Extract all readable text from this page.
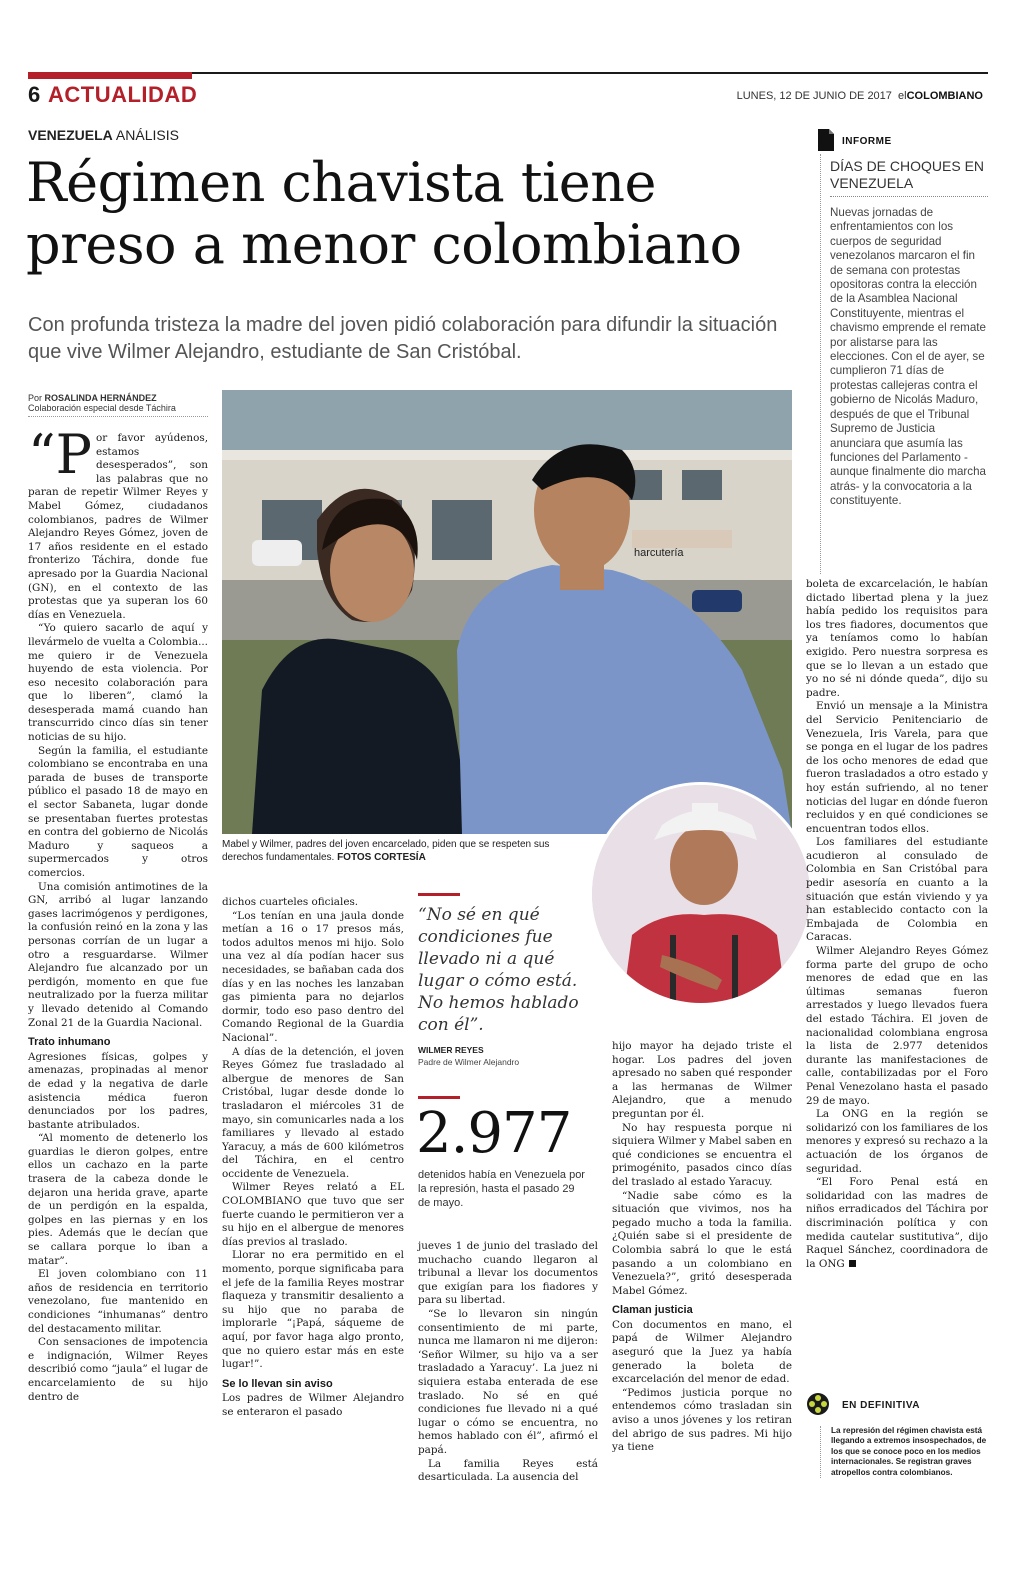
6 ACTUALIDAD	LUNES, 12 DE JUNIO DE 2017 elCOLOMBIANO
VENEZUELA ANÁLISIS
Régimen chavista tiene
preso a menor colombiano
Con profunda tristeza la madre del joven pidió colaboración para difundir la situación que vive Wilmer Alejandro, estudiante de San Cristóbal.
Por ROSALINDA HERNÁNDEZ
Colaboración especial desde Táchira

“P or favor ayúdenos, estamos desesperados”, son las palabras que no paran de repetir Wilmer Reyes y Mabel Gómez, ciudadanos colombianos, padres de Wilmer Alejandro Reyes Gómez, joven de 17 años residente en el estado fronterizo Táchira, donde fue apresado por la Guardia Nacional (GN), en el contexto de las protestas que ya superan los 60 días en Venezuela.

“Yo quiero sacarlo de aquí y llevármelo de vuelta a Colombia... me quiero ir de Venezuela huyendo de esta violencia. Por eso necesito colaboración para que lo liberen”, clamó la desesperada mamá cuando han transcurrido cinco días sin tener noticias de su hijo.

Según la familia, el estudiante colombiano se encontraba en una parada de buses de transporte público el pasado 18 de mayo en el sector Sabaneta, lugar donde se presentaban fuertes protestas en contra del gobierno de Nicolás Maduro y saqueos a supermercados y otros comercios.

Una comisión antimotines de la GN, arribó al lugar lanzando gases lacrimógenos y perdigones, la confusión reinó en la zona y las personas corrían de un lugar a otro a resguardarse. Wilmer Alejandro fue alcanzado por un perdigón, momento en que fue neutralizado por la fuerza militar y llevado detenido al Comando Zonal 21 de la Guardia Nacional.

Trato inhumano

Agresiones físicas, golpes y amenazas, propinadas al menor de edad y la negativa de darle asistencia médica fueron denunciados por los padres, bastante atribulados.

“Al momento de detenerlo los guardias le dieron golpes, entre ellos un cachazo en la parte trasera de la cabeza donde le dejaron una herida grave, aparte de un perdigón en la espalda, golpes en las piernas y en los pies. Además que le decían que se callara porque lo iban a matar”.

El joven colombiano con 11 años de residencia en territorio venezolano, fue mantenido en condiciones “inhumanas” dentro del destacamento militar.

Con sensaciones de impotencia e indignación, Wilmer Reyes describió como “jaula” el lugar de encarcelamiento de su hijo dentro de

harcutería
Mabel y Wilmer, padres del joven encarcelado, piden que se respeten sus derechos fundamentales. FOTOS CORTESÍA

dichos cuarteles oficiales.

“Los tenían en una jaula donde metían a 16 o 17 presos más, todos adultos menos mi hijo. Solo una vez al día podían hacer sus necesidades, se bañaban cada dos días y en las noches les lanzaban gas pimienta para no dejarlos dormir, todo eso paso dentro del Comando Regional de la Guardia Nacional”.

A días de la detención, el joven Reyes Gómez fue trasladado al albergue de menores de San Cristóbal, lugar desde donde lo trasladaron el miércoles 31 de mayo, sin comunicarles nada a los familiares y llevado al estado Yaracuy, a más de 600 kilómetros del Táchira, en el centro occidente de Venezuela.

Wilmer Reyes relató a EL COLOMBIANO que tuvo que ser fuerte cuando le permitieron ver a su hijo en el albergue de menores días previos al traslado.

Llorar no era permitido en el momento, porque significaba para el jefe de la familia Reyes mostrar flaqueza y transmitir desaliento a su hijo que no paraba de implorarle “¡Papá, sáqueme de aquí, por favor haga algo pronto, que no quiero estar más en este lugar!”.

Se lo llevan sin aviso

Los padres de Wilmer Alejandro se enteraron el pasado

“No sé en qué condiciones fue llevado ni a qué lugar o cómo está. No hemos hablado con él”.
WILMER REYES
Padre de Wilmer Alejandro
2.977
detenidos había en Venezuela por la represión, hasta el pasado 29 de mayo.

jueves 1 de junio del traslado del muchacho cuando llegaron al tribunal a llevar los documentos que exigían para los fiadores y para su libertad.

“Se lo llevaron sin ningún consentimiento de mi parte, nunca me llamaron ni me dijeron: ‘Señor Wilmer, su hijo va a ser trasladado a Yaracuy’. La juez ni siquiera estaba enterada de ese traslado. No sé en qué condiciones fue llevado ni a qué lugar o cómo se encuentra, no hemos hablado con él”, afirmó el papá.

La familia Reyes está desarticulada. La ausencia del

hijo mayor ha dejado triste el hogar. Los padres del joven apresado no saben qué responder a las hermanas de Wilmer Alejandro, que a menudo preguntan por él.

No hay respuesta porque ni siquiera Wilmer y Mabel saben en qué condiciones se encuentra el primogénito, pasados cinco días del traslado al estado Yaracuy.

“Nadie sabe cómo es la situación que vivimos, nos ha pegado mucho a toda la familia. ¿Quién sabe si el presidente de Colombia sabrá lo que le está pasando a un colombiano en Venezuela?”, gritó desesperada Mabel Gómez.

Claman justicia

Con documentos en mano, el papá de Wilmer Alejandro aseguró que la Juez ya había generado la boleta de excarcelación del menor de edad.

“Pedimos justicia porque no entendemos cómo trasladan sin aviso a unos jóvenes y los retiran del abrigo de sus padres. Mi hijo ya tiene

boleta de excarcelación, le habían dictado libertad plena y la juez había pedido los requisitos para los tres fiadores, documentos que ya teníamos como lo habían exigido. Pero nuestra sorpresa es que se lo llevan a un estado que yo no sé ni dónde queda”, dijo su padre.

Envió un mensaje a la Ministra del Servicio Penitenciario de Venezuela, Iris Varela, para que se ponga en el lugar de los padres de los ocho menores de edad que fueron trasladados a otro estado y hoy están sufriendo, al no tener noticias del lugar en dónde fueron recluidos y en qué condiciones se encuentran todos ellos.

Los familiares del estudiante acudieron al consulado de Colombia en San Cristóbal para pedir asesoría en cuanto a la situación que están viviendo y ya han establecido contacto con la Embajada de Colombia en Caracas.

Wilmer Alejandro Reyes Gómez forma parte del grupo de ocho menores de edad que en las últimas semanas fueron arrestados y luego llevados fuera del estado Táchira. El joven de nacionalidad colombiana engrosa la lista de 2.977 detenidos durante las manifestaciones de calle, contabilizadas por el Foro Penal Venezolano hasta el pasado 29 de mayo.

La ONG en la región se solidarizó con los familiares de los menores y expresó su rechazo a la actuación de los órganos de seguridad.

“El Foro Penal está en solidaridad con las madres de niños erradicados del Táchira por discriminación política y con medida cautelar sustitutiva”, dijo Raquel Sánchez, coordinadora de la ONG

INFORME
DÍAS DE CHOQUES EN VENEZUELA
Nuevas jornadas de enfrentamientos con los cuerpos de seguridad venezolanos marcaron el fin de semana con protestas opositoras contra la elección de la Asamblea Nacional Constituyente, mientras el chavismo emprende el remate por alistarse para las elecciones. Con el de ayer, se cumplieron 71 días de protestas callejeras contra el gobierno de Nicolás Maduro, después de que el Tribunal Supremo de Justicia anunciara que asumía las funciones del Parlamento -aunque finalmente dio marcha atrás- y la convocatoria a la constituyente.
EN DEFINITIVA
La represión del régimen chavista está llegando a extremos insospechados, de los que se conoce poco en los medios internacionales. Se registran graves atropellos contra colombianos.
